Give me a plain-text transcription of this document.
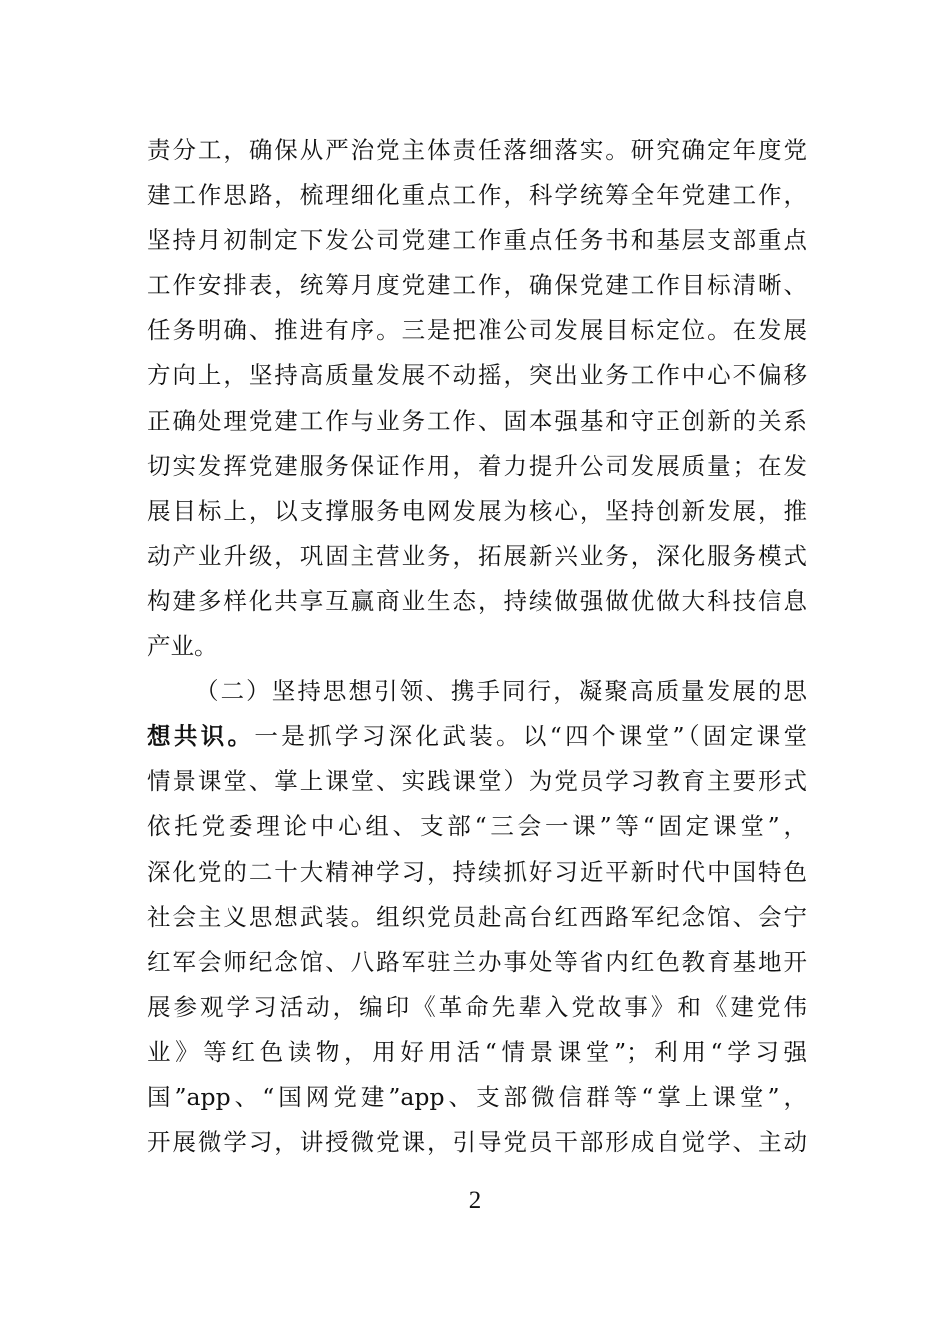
责分工，确保从严治党主体责任落细落实。研究确定年度党
建工作思路，梳理细化重点工作，科学统筹全年党建工作，
坚持月初制定下发公司党建工作重点任务书和基层支部重点
工作安排表，统筹月度党建工作，确保党建工作目标清晰、
任务明确、推进有序。三是把准公司发展目标定位。在发展
方向上，坚持高质量发展不动摇，突出业务工作中心不偏移
正确处理党建工作与业务工作、固本强基和守正创新的关系
切实发挥党建服务保证作用，着力提升公司发展质量；在发
展目标上，以支撑服务电网发展为核心，坚持创新发展，推
动产业升级，巩固主营业务，拓展新兴业务，深化服务模式
构建多样化共享互赢商业生态，持续做强做优做大科技信息
产业。
（二）坚持思想引领、携手同行，凝聚高质量发展的思
想共识。一是抓学习深化武装。以“四个课堂”（固定课堂
情景课堂、掌上课堂、实践课堂）为党员学习教育主要形式
依托党委理论中心组、支部“三会一课”等“固定课堂”，
深化党的二十大精神学习，持续抓好习近平新时代中国特色
社会主义思想武装。组织党员赴高台红西路军纪念馆、会宁
红军会师纪念馆、八路军驻兰办事处等省内红色教育基地开
展参观学习活动，编印《革命先辈入党故事》和《建党伟
业》等红色读物，用好用活“情景课堂”；利用“学习强
国”app、“国网党建”app、支部微信群等“掌上课堂”，
开展微学习，讲授微党课，引导党员干部形成自觉学、主动
2
